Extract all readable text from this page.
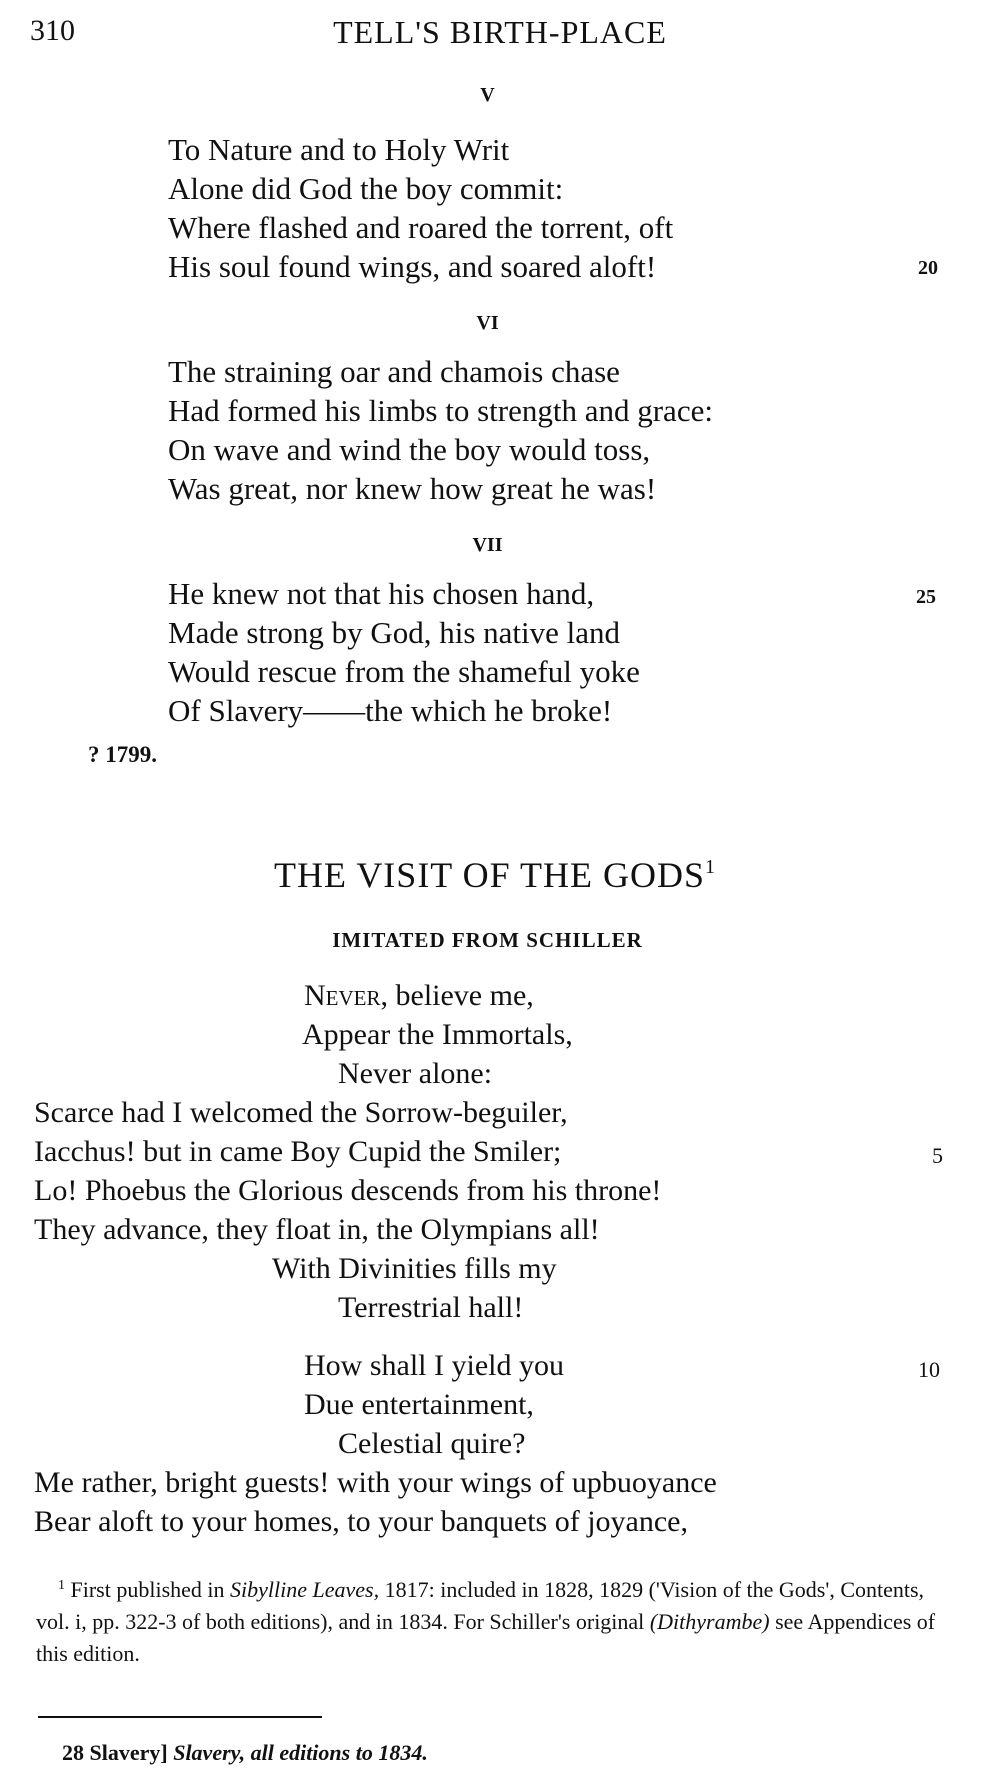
310	TELL'S BIRTH-PLACE
V
To Nature and to Holy Writ
Alone did God the boy commit:
Where flashed and roared the torrent, oft
His soul found wings, and soared aloft!	20
VI
The straining oar and chamois chase
Had formed his limbs to strength and grace:
On wave and wind the boy would toss,
Was great, nor knew how great he was!
VII
He knew not that his chosen hand,	25
Made strong by God, his native land
Would rescue from the shameful yoke
Of Slavery——the which he broke!
? 1799.
THE VISIT OF THE GODS$^1$
IMITATED FROM SCHILLER
Never, believe me,
Appear the Immortals,
Never alone:
Scarce had I welcomed the Sorrow-beguiler,
Iacchus! but in came Boy Cupid the Smiler;	5
Lo! Phoebus the Glorious descends from his throne!
They advance, they float in, the Olympians all!
With Divinities fills my
Terrestrial hall!
How shall I yield you	10
Due entertainment,
Celestial quire?
Me rather, bright guests! with your wings of upbuoyance
Bear aloft to your homes, to your banquets of joyance,
$^1$ First published in Sibylline Leaves, 1817: included in 1828, 1829 ('Vision of the Gods', Contents, vol. i, pp. 322-3 of both editions), and in 1834. For Schiller's original (Dithyrambe) see Appendices of this edition.
28 Slavery] Slavery, all editions to 1834.
